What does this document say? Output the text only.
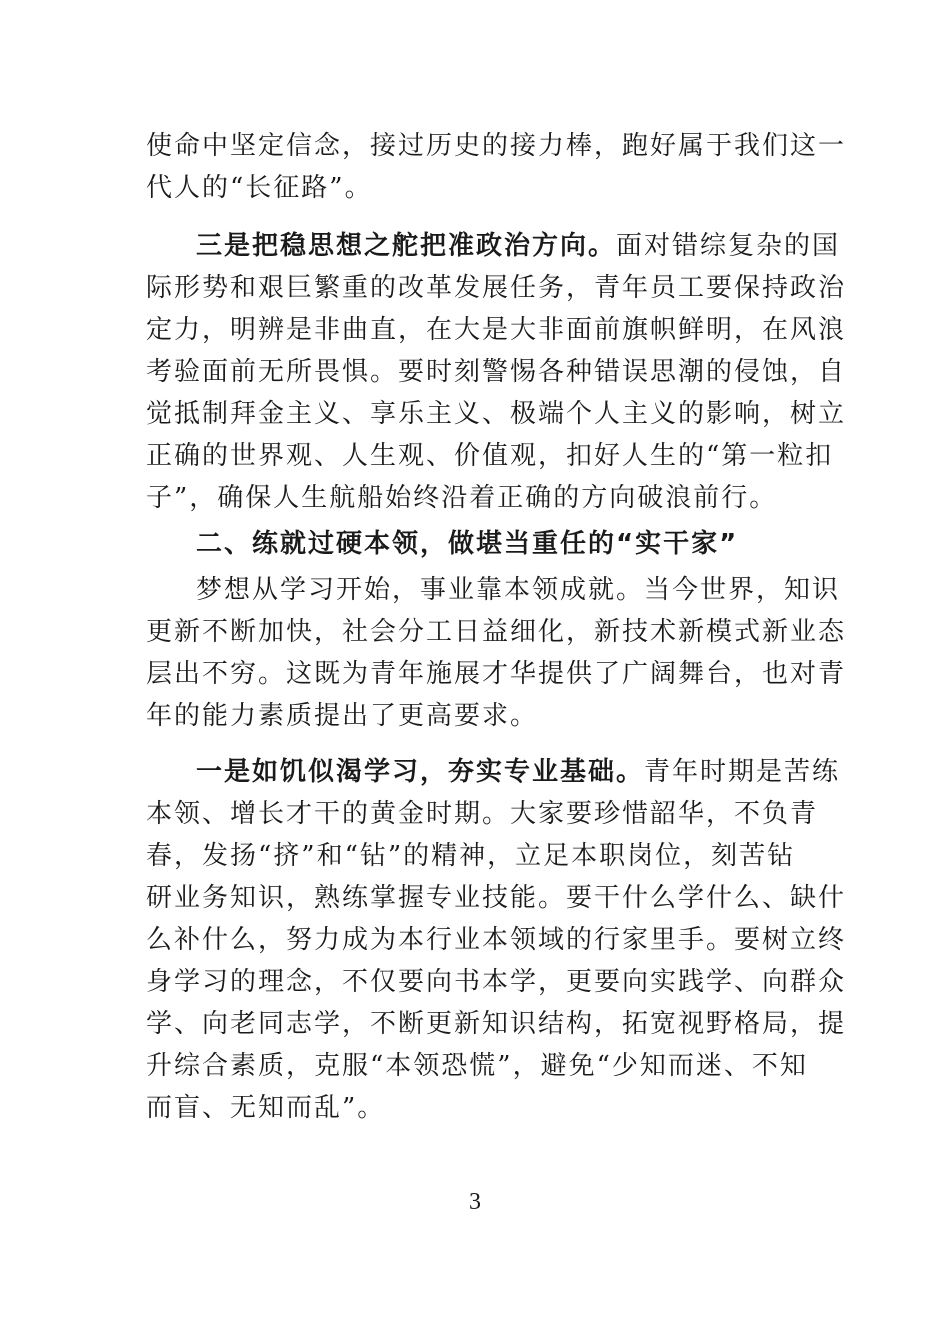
使命中坚定信念，接过历史的接力棒，跑好属于我们这一
代人的“长征路”。
三是把稳思想之舵把准政治方向。面对错综复杂的国
际形势和艰巨繁重的改革发展任务，青年员工要保持政治
定力，明辨是非曲直，在大是大非面前旗帜鲜明，在风浪
考验面前无所畏惧。要时刻警惕各种错误思潮的侵蚀，自
觉抵制拜金主义、享乐主义、极端个人主义的影响，树立
正确的世界观、人生观、价值观，扣好人生的“第一粒扣
子”，确保人生航船始终沿着正确的方向破浪前行。
二、练就过硬本领，做堪当重任的“实干家”
梦想从学习开始，事业靠本领成就。当今世界，知识
更新不断加快，社会分工日益细化，新技术新模式新业态
层出不穷。这既为青年施展才华提供了广阔舞台，也对青
年的能力素质提出了更高要求。
一是如饥似渴学习，夯实专业基础。青年时期是苦练
本领、增长才干的黄金时期。大家要珍惜韶华，不负青
春，发扬“挤”和“钻”的精神，立足本职岗位，刻苦钻
研业务知识，熟练掌握专业技能。要干什么学什么、缺什
么补什么，努力成为本行业本领域的行家里手。要树立终
身学习的理念，不仅要向书本学，更要向实践学、向群众
学、向老同志学，不断更新知识结构，拓宽视野格局，提
升综合素质，克服“本领恐慌”，避免“少知而迷、不知
而盲、无知而乱”。
3
